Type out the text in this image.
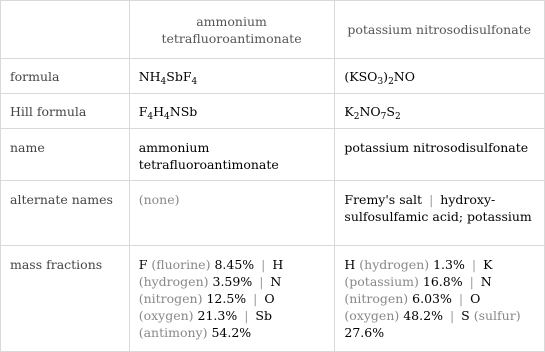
	ammonium tetrafluoroantimonate	potassium nitrosodisulfonate
formula	$NH_4SbF_4$	$(KSO_3)_2NO$
Hill formula	$F_4H_4NSb$	$K_2NO_7S_2$
name	ammonium tetrafluoroantimonate	potassium nitrosodisulfonate
alternate names	(none)	Fremy's salt | hydroxy-sulfosulfamic acid; potassium
mass fractions	F (fluorine) 8.45% | H (hydrogen) 3.59% | N (nitrogen) 12.5% | O (oxygen) 21.3% | Sb (antimony) 54.2%	H (hydrogen) 1.3% | K (potassium) 16.8% | N (nitrogen) 6.03% | O (oxygen) 48.2% | S (sulfur) 27.6%
